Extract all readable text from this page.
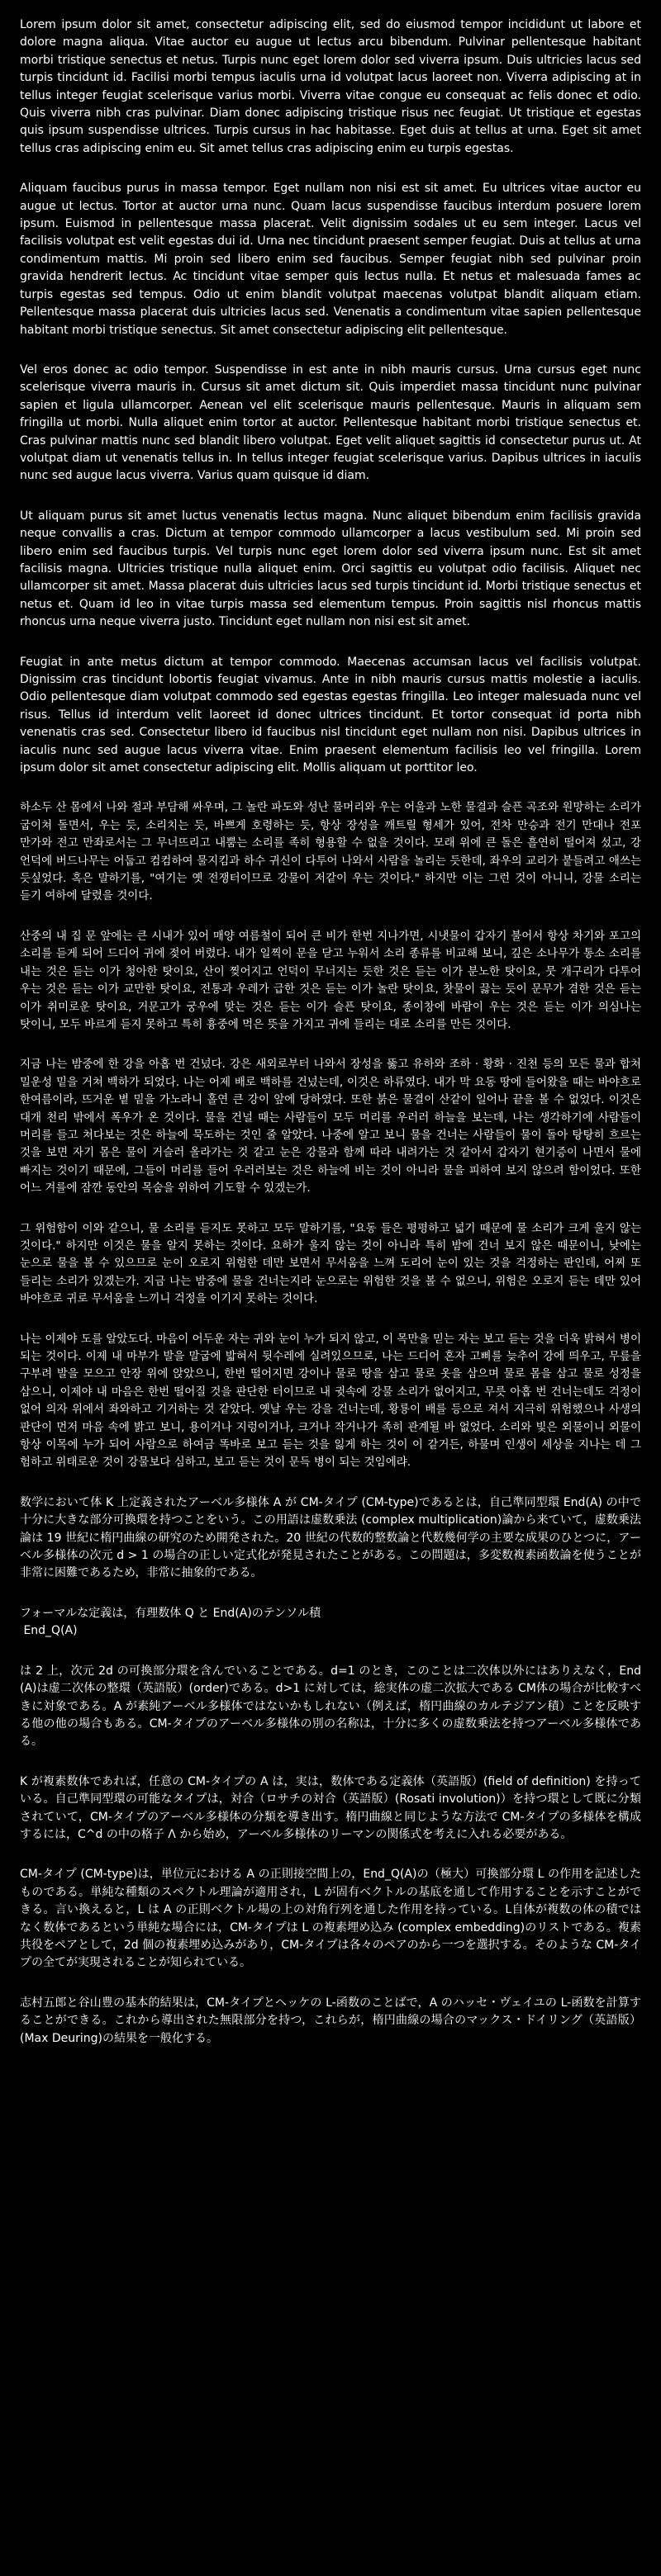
Lorem ipsum dolor sit amet, consectetur adipiscing elit, sed do eiusmod tempor incididunt ut labore et dolore magna aliqua. Vitae auctor eu augue ut lectus arcu bibendum. Pulvinar pellentesque habitant morbi tristique senectus et netus. Turpis nunc eget lorem dolor sed viverra ipsum. Duis ultricies lacus sed turpis tincidunt id. Facilisi morbi tempus iaculis urna id volutpat lacus laoreet non. Viverra adipiscing at in tellus integer feugiat scelerisque varius morbi. Viverra vitae congue eu consequat ac felis donec et odio. Quis viverra nibh cras pulvinar. Diam donec adipiscing tristique risus nec feugiat. Ut tristique et egestas quis ipsum suspendisse ultrices. Turpis cursus in hac habitasse. Eget duis at tellus at urna. Eget sit amet tellus cras adipiscing enim eu. Sit amet tellus cras adipiscing enim eu turpis egestas.

Aliquam faucibus purus in massa tempor. Eget nullam non nisi est sit amet. Eu ultrices vitae auctor eu augue ut lectus. Tortor at auctor urna nunc. Quam lacus suspendisse faucibus interdum posuere lorem ipsum. Euismod in pellentesque massa placerat. Velit dignissim sodales ut eu sem integer. Lacus vel facilisis volutpat est velit egestas dui id. Urna nec tincidunt praesent semper feugiat. Duis at tellus at urna condimentum mattis. Mi proin sed libero enim sed faucibus. Semper feugiat nibh sed pulvinar proin gravida hendrerit lectus. Ac tincidunt vitae semper quis lectus nulla. Et netus et malesuada fames ac turpis egestas sed tempus. Odio ut enim blandit volutpat maecenas volutpat blandit aliquam etiam. Pellentesque massa placerat duis ultricies lacus sed. Venenatis a condimentum vitae sapien pellentesque habitant morbi tristique senectus. Sit amet consectetur adipiscing elit pellentesque.

Vel eros donec ac odio tempor. Suspendisse in est ante in nibh mauris cursus. Urna cursus eget nunc scelerisque viverra mauris in. Cursus sit amet dictum sit. Quis imperdiet massa tincidunt nunc pulvinar sapien et ligula ullamcorper. Aenean vel elit scelerisque mauris pellentesque. Mauris in aliquam sem fringilla ut morbi. Nulla aliquet enim tortor at auctor. Pellentesque habitant morbi tristique senectus et. Cras pulvinar mattis nunc sed blandit libero volutpat. Eget velit aliquet sagittis id consectetur purus ut. At volutpat diam ut venenatis tellus in. In tellus integer feugiat scelerisque varius. Dapibus ultrices in iaculis nunc sed augue lacus viverra. Varius quam quisque id diam.

Ut aliquam purus sit amet luctus venenatis lectus magna. Nunc aliquet bibendum enim facilisis gravida neque convallis a cras. Dictum at tempor commodo ullamcorper a lacus vestibulum sed. Mi proin sed libero enim sed faucibus turpis. Vel turpis nunc eget lorem dolor sed viverra ipsum nunc. Est sit amet facilisis magna. Ultricies tristique nulla aliquet enim. Orci sagittis eu volutpat odio facilisis. Aliquet nec ullamcorper sit amet. Massa placerat duis ultricies lacus sed turpis tincidunt id. Morbi tristique senectus et netus et. Quam id leo in vitae turpis massa sed elementum tempus. Proin sagittis nisl rhoncus mattis rhoncus urna neque viverra justo. Tincidunt eget nullam non nisi est sit amet.

Feugiat in ante metus dictum at tempor commodo. Maecenas accumsan lacus vel facilisis volutpat. Dignissim cras tincidunt lobortis feugiat vivamus. Ante in nibh mauris cursus mattis molestie a iaculis. Odio pellentesque diam volutpat commodo sed egestas egestas fringilla. Leo integer malesuada nunc vel risus. Tellus id interdum velit laoreet id donec ultrices tincidunt. Et tortor consequat id porta nibh venenatis cras sed. Consectetur libero id faucibus nisl tincidunt eget nullam non nisi. Dapibus ultrices in iaculis nunc sed augue lacus viverra vitae. Enim praesent elementum facilisis leo vel fringilla. Lorem ipsum dolor sit amet consectetur adipiscing elit. Mollis aliquam ut porttitor leo.

하소두 산 몸에서 나와 절과 부담해 싸우며, 그 놀란 파도와 성난 물머리와 우는 어울과 노한 물결과 슬픈 곡조와 원망하는 소리가 굽이쳐 돌면서, 우는 듯, 소리치는 듯, 바쁘게 호령하는 듯, 항상 장성을 깨트릴 형세가 있어, 전차 만승과 전기 만대나 전포 만가와 전고 만좌로서는 그 무너뜨리고 내뿜는 소리를 족히 형용할 수 없을 것이다. 모래 위에 큰 돌은 흘연히 떨어져 섰고, 강 언덕에 버드나무는 어둡고 컴컴하여 물지킴과 하수 귀신이 다투어 나와서 사람을 놀리는 듯한데, 좌우의 교리가 붙들려고 애쓰는 듯싶었다. 혹은 말하기를, "여기는 옛 전쟁터이므로 강물이 저같이 우는 것이다." 하지만 이는 그런 것이 아니니, 강물 소리는 듣기 여하에 달렸을 것이다.

산중의 내 집 문 앞에는 큰 시내가 있어 매양 여름철이 되어 큰 비가 한번 지나가면, 시냇물이 갑자기 불어서 항상 차기와 포고의 소리를 듣게 되어 드디어 귀에 젖어 버렸다. 내가 일찍이 문을 닫고 누워서 소리 종류를 비교해 보니, 깊은 소나무가 통소 소리를 내는 것은 듣는 이가 청아한 탓이요, 산이 찢어지고 언덕이 무너지는 듯한 것은 듣는 이가 분노한 탓이요, 뭇 개구리가 다투어 우는 것은 듣는 이가 교만한 탓이요, 전통과 우레가 급한 것은 듣는 이가 놀란 탓이요, 찻물이 끓는 듯이 문무가 겸한 것은 듣는 이가 취미로운 탓이요, 거문고가 궁우에 맞는 것은 듣는 이가 슬픈 탓이요, 종이창에 바람이 우는 것은 듣는 이가 의심나는 탓이니, 모두 바르게 듣지 못하고 특히 흉중에 먹은 뜻을 가지고 귀에 들리는 대로 소리를 만든 것이다.

지금 나는 밤중에 한 강을 아홉 번 건넜다. 강은 새외로부터 나와서 장성을 뚫고 유하와 조하 · 황화 · 진천 등의 모든 물과 합쳐 밀운성 밑을 거쳐 백하가 되었다. 나는 어제 배로 백하를 건넜는데, 이것은 하류였다. 내가 막 요동 땅에 들어왔을 때는 바야흐로 한여름이라, 뜨거운 볕 밑을 가노라니 홀연 큰 강이 앞에 당하였다. 또한 붉은 물결이 산같이 일어나 끝을 볼 수 없었다. 이것은 대개 천리 밖에서 폭우가 온 것이다. 물을 건널 때는 사람들이 모두 머리를 우러러 하늘을 보는데, 나는 생각하기에 사람들이 머리를 들고 쳐다보는 것은 하늘에 묵도하는 것인 줄 알았다. 나중에 알고 보니 물을 건너는 사람들이 물이 돌아 탕탕히 흐르는 것을 보면 자기 몸은 물이 거슬러 올라가는 것 같고 눈은 강물과 함께 따라 내려가는 것 같아서 갑자기 현기증이 나면서 물에 빠지는 것이기 때문에, 그들이 머리를 들어 우러러보는 것은 하늘에 비는 것이 아니라 물을 피하여 보지 않으려 함이었다. 또한 어느 겨를에 잠깐 동안의 목숨을 위하여 기도할 수 있겠는가.

그 위험함이 이와 같으니, 물 소리를 듣지도 못하고 모두 말하기를, "요동 들은 평평하고 넓기 때문에 물 소리가 크게 울지 않는 것이다." 하지만 이것은 물을 알지 못하는 것이다. 요하가 울지 않는 것이 아니라 특히 밤에 건너 보지 않은 때문이니, 낮에는 눈으로 물을 볼 수 있으므로 눈이 오로지 위험한 데만 보면서 무서움을 느껴 도리어 눈이 있는 것을 걱정하는 판인데, 어찌 또 들리는 소리가 있겠는가. 지금 나는 밤중에 물을 건너는지라 눈으로는 위험한 것을 볼 수 없으니, 위험은 오로지 듣는 데만 있어 바야흐로 귀로 무서움을 느끼니 걱정을 이기지 못하는 것이다.

나는 이제야 도를 알았도다. 마음이 어두운 자는 귀와 눈이 누가 되지 않고, 이 목만을 믿는 자는 보고 듣는 것을 더욱 밝혀서 병이 되는 것이다. 이제 내 마부가 발을 말굽에 밟혀서 뒷수레에 실려있으므로, 나는 드디어 혼자 고삐를 늦추어 강에 띄우고, 무릎을 구부려 발을 모으고 안장 위에 앉았으니, 한번 떨어지면 강이나 물로 땅을 삼고 물로 옷을 삼으며 물로 몸을 삼고 물로 성정을 삼으니, 이제야 내 마음은 한번 떨어질 것을 판단한 터이므로 내 귓속에 강물 소리가 없어지고, 무릇 아홉 번 건너는데도 걱정이 없어 의자 위에서 좌와하고 기거하는 것 같았다. 옛날 우는 강을 건너는데, 황룡이 배를 등으로 져서 지극히 위험했으나 사생의 판단이 먼저 마음 속에 밝고 보니, 용이거나 지렁이거나, 크거나 작거나가 족히 관계될 바 없었다. 소리와 빛은 외물이니 외물이 항상 이목에 누가 되어 사람으로 하여금 똑바로 보고 듣는 것을 잃게 하는 것이 이 같거든, 하물며 인생이 세상을 지나는 데 그 험하고 위태로운 것이 강물보다 심하고, 보고 듣는 것이 문득 병이 되는 것임에랴.

数学において体 K 上定義されたアーベル多様体 A が CM-タイプ (CM-type)であるとは，自己準同型環 End(A) の中で十分に大きな部分可換環を持つことをいう。この用語は虚数乗法 (complex multiplication)論から来ていて，虚数乗法論は 19 世紀に楕円曲線の研究のため開発された。20 世紀の代数的整数論と代数幾何学の主要な成果のひとつに，アーベル多様体の次元 d > 1 の場合の正しい定式化が発見されたことがある。この問題は，多変数複素函数論を使うことが非常に困難であるため，非常に抽象的である。

フォーマルな定義は，有理数体 Q と End(A)のテンソル積
End_Q(A)

は 2 上，次元 2d の可換部分環を含んでいることである。d=1 のとき，このことは二次体以外にはありえなく，End(A)は虚二次体の整環（英語版）(order)である。d>1 に対しては，総実体の虚二次拡大である CM体の場合が比較すべきに対象である。A が素純アーベル多様体ではないかもしれない（例えば，楕円曲線のカルテジアン積）ことを反映する他の他の場合もある。CM-タイプのアーベル多様体の別の名称は，十分に多くの虚数乗法を持つアーベル多様体である。

K が複素数体であれば，任意の CM-タイプの A は，実は，数体である定義体（英語版）(field of definition) を持っている。自己準同型環の可能なタイプは，対合（ロサチの対合（英語版）(Rosati involution)）を持つ環として既に分類されていて，CM-タイプのアーベル多様体の分類を導き出す。楕円曲線と同じような方法で CM-タイプの多様体を構成するには，C^d の中の格子 Λ から始め，アーベル多様体のリーマンの関係式を考えに入れる必要がある。

CM-タイプ (CM-type)は，単位元における A の正則接空間上の，End_Q(A)の（極大）可換部分環 L の作用を記述したものである。単純な種類のスペクトル理論が適用され，L が固有ベクトルの基底を通して作用することを示すことができる。言い換えると，L は A の正則ベクトル場の上の対角行列を通した作用を持っている。L自体が複数の体の積ではなく数体であるという単純な場合には，CM-タイプは L の複素埋め込み (complex embedding)のリストである。複素共役をペアとして，2d 個の複素埋め込みがあり，CM-タイプは各々のペアのから一つを選択する。そのような CM-タイプの全てが実現されることが知られている。

志村五郎と谷山豊の基本的結果は，CM-タイプとヘッケの L-函数のことばで，A のハッセ・ヴェイユの L-函数を計算することができる。これから導出された無限部分を持つ，これらが，楕円曲線の場合のマックス・ドイリング（英語版）(Max Deuring)の結果を一般化する。
